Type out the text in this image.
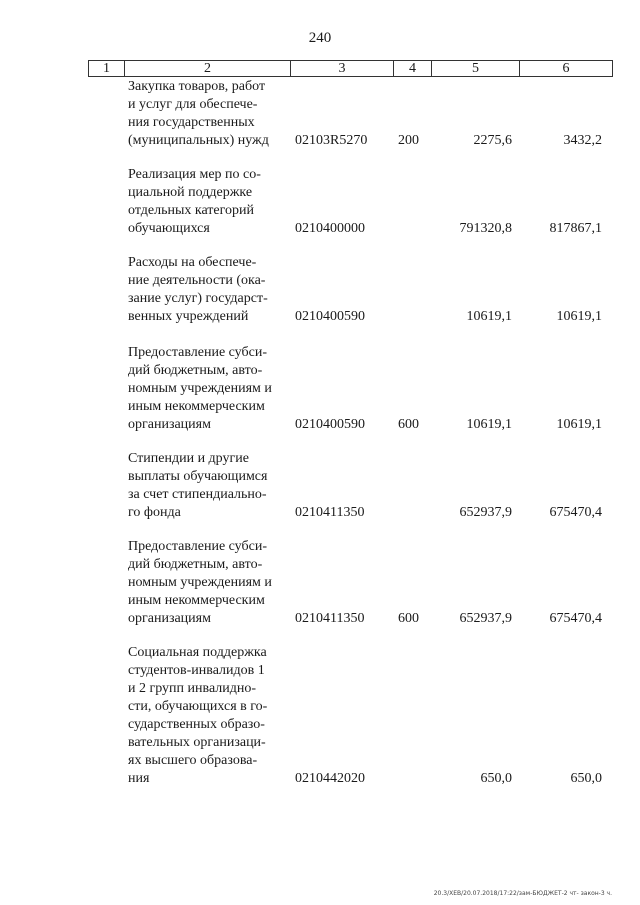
240
1	2	3	4	5	6
Закупка товаров, работ
и услуг для обеспече-
ния государственных
(муниципальных) нужд	02103R5270 200	2275,6	3432,2
Реализация мер по со-
циальной поддержке
отдельных категорий
обучающихся	0210400000	791320,8	817867,1
Расходы на обеспече-
ние деятельности (ока-
зание услуг) государст-
венных учреждений	0210400590	10619,1	10619,1
Предоставление субси-
дий бюджетным, авто-
номным учреждениям и
иным некоммерческим
организациям	0210400590 600	10619,1	10619,1
Стипендии и другие
выплаты обучающимся
за счет стипендиально-
го фонда	0210411350	652937,9	675470,4
Предоставление субси-
дий бюджетным, авто-
номным учреждениям и
иным некоммерческим
организациям	0210411350 600	652937,9	675470,4
Социальная поддержка
студентов-инвалидов 1
и 2 групп инвалидно-
сти, обучающихся в го-
сударственных образо-
вательных организаци-
ях высшего образова-
ния	0210442020	650,0	650,0
20.3/XEB/20.07.2018/17:22/зам-БЮДЖЕТ-2 чт- закон-3 ч.
